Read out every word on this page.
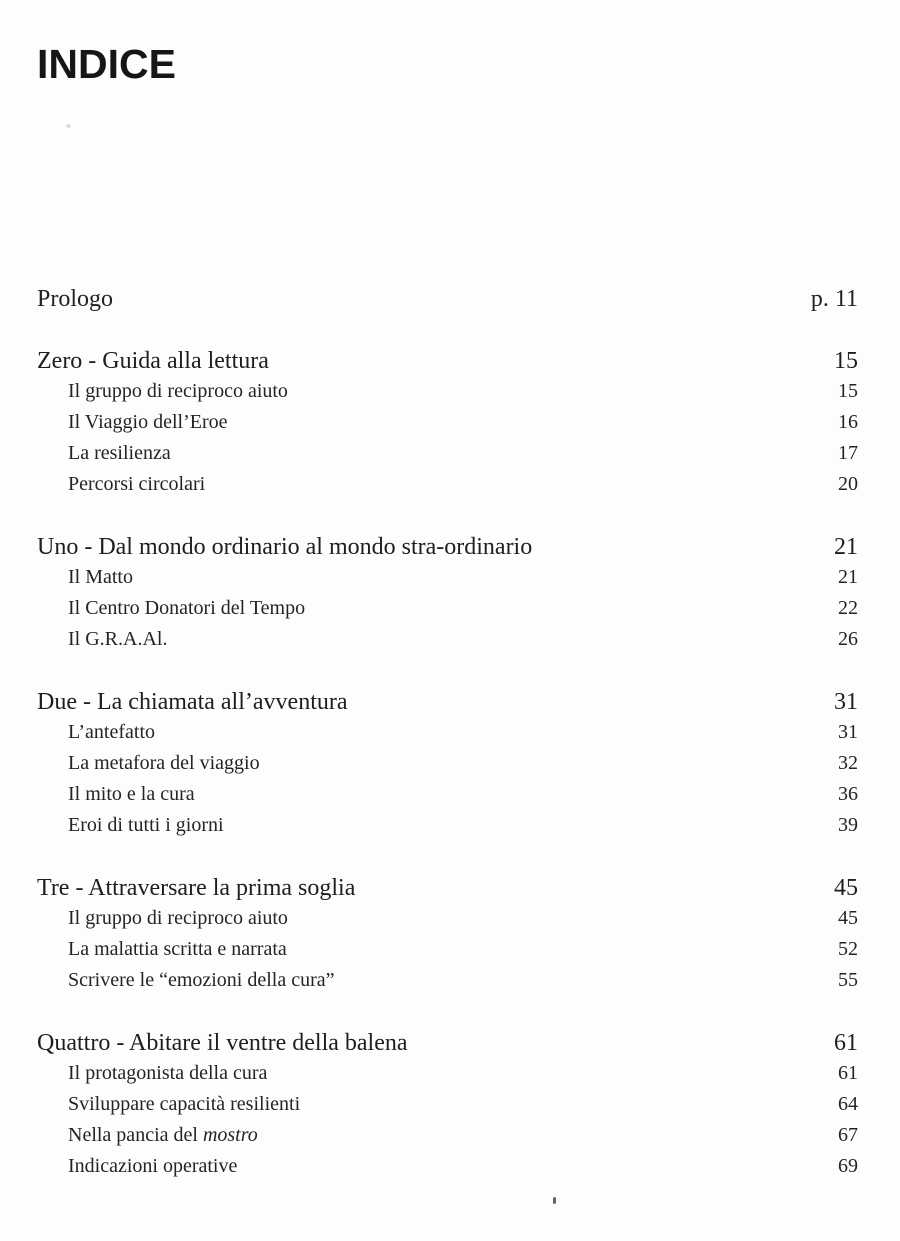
INDICE
Prologo	p. 11
Zero - Guida alla lettura	15
Il gruppo di reciproco aiuto	15
Il Viaggio dell’Eroe	16
La resilienza	17
Percorsi circolari	20
Uno - Dal mondo ordinario al mondo stra-ordinario	21
Il Matto	21
Il Centro Donatori del Tempo	22
Il G.R.A.Al.	26
Due - La chiamata all’avventura	31
L’antefatto	31
La metafora del viaggio	32
Il mito e la cura	36
Eroi di tutti i giorni	39
Tre - Attraversare la prima soglia	45
Il gruppo di reciproco aiuto	45
La malattia scritta e narrata	52
Scrivere le “emozioni della cura”	55
Quattro - Abitare il ventre della balena	61
Il protagonista della cura	61
Sviluppare capacità resilienti	64
Nella pancia del mostro	67
Indicazioni operative	69
